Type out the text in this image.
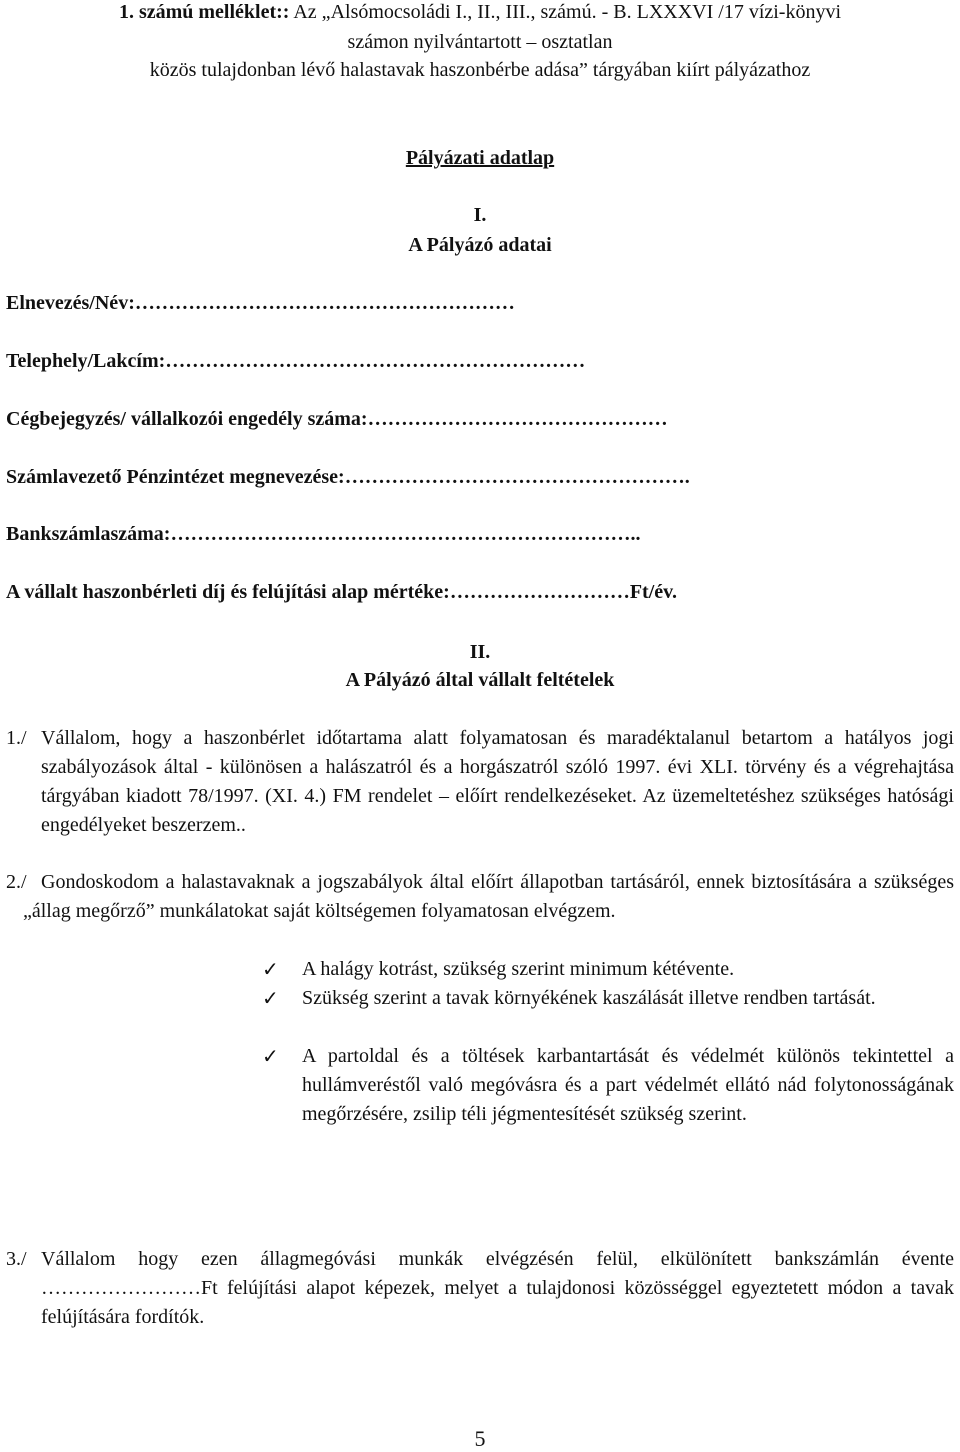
1. számú melléklet:: Az „Alsómocsoládi I., II., III., számú. - B. LXXXVI /17 vízi-könyvi
számon nyilvántartott – osztatlan
közös tulajdonban lévő halastavak haszonbérbe adása” tárgyában kiírt pályázathoz
Pályázati adatlap
I.
A Pályázó adatai
Elnevezés/Név:…………………………………………………
Telephely/Lakcím:………………………………………………………
Cégbejegyzés/ vállalkozói engedély száma:………………………………………
Számlavezető Pénzintézet megnevezése:…………………………………………….
Bankszámlaszáma:……………………………………………………………..
A vállalt haszonbérleti díj és felújítási alap mértéke:………………………Ft/év.
II.
A Pályázó által vállalt feltételek
1./ Vállalom, hogy a haszonbérlet időtartama alatt folyamatosan és maradéktalanul betartom a hatályos jogi szabályozások által - különösen a halászatról és a horgászatról szóló 1997. évi XLI. törvény és a végrehajtása tárgyában kiadott 78/1997. (XI. 4.) FM rendelet – előírt rendelkezéseket. Az üzemeltetéshez szükséges hatósági engedélyeket beszerzem..
2./ Gondoskodom a halastavaknak a jogszabályok által előírt állapotban tartásáról, ennek biztosítására a szükséges „állag megőrző” munkálatokat saját költségemen folyamatosan elvégzem.
✓	A halágy kotrást, szükség szerint minimum kétévente.
✓	Szükség szerint a tavak környékének kaszálását illetve rendben tartását.
✓	A partoldal és a töltések karbantartását és védelmét különös tekintettel a hullámveréstől való megóvásra és a part védelmét ellátó nád folytonosságának megőrzésére, zsilip téli jégmentesítését szükség szerint.
3./ Vállalom hogy ezen állagmegóvási munkák elvégzésén felül, elkülönített bankszámlán évente ……………………Ft felújítási alapot képezek, melyet a tulajdonosi közösséggel egyeztetett módon a tavak felújítására fordítók.
5
